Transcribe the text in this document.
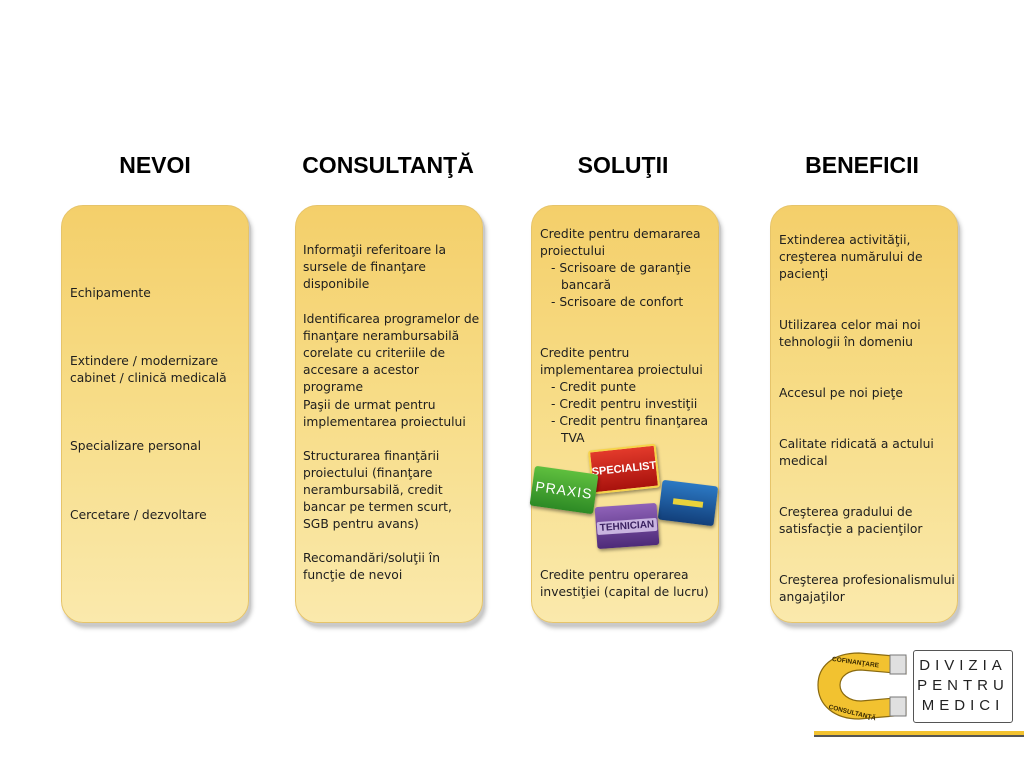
NEVOI	CONSULTANŢĂ	SOLUŢII	BENEFICII

Echipamente

Extindere / modernizare cabinet / clinică medicală

Specializare personal

Cercetare / dezvoltare

Informaţii referitoare la sursele de finanţare disponibile

Identificarea programelor de finanţare nerambursabilă corelate cu criteriile de accesare a acestor programe

Paşii de urmat pentru implementarea proiectului

Structurarea finanţării proiectului (finanţare nerambursabilă, credit bancar pe termen scurt, SGB pentru avans)

Recomandări/soluţii în funcţie de nevoi

Credite pentru demararea proiectului

- Scrisoare de garanţie bancară
- Scrisoare de confort

Credite pentru implementarea proiectului

- Credit punte
- Credit pentru investiţii
- Credit pentru finanţarea TVA

Credite pentru operarea investiţiei (capital de lucru)

SPECIALIST
PRAXIS
TEHNICIAN

Extinderea activităţii, creşterea numărului de pacienţi

Utilizarea celor mai noi tehnologii în domeniu

Accesul pe noi pieţe

Calitate ridicată a actului medical

Creşterea gradului de satisfacţie a pacienţilor

Creşterea profesionalismului angajaţilor

COFINANŢARE
CONSULTANŢĂ
DIVIZIA
PENTRU
MEDICI
